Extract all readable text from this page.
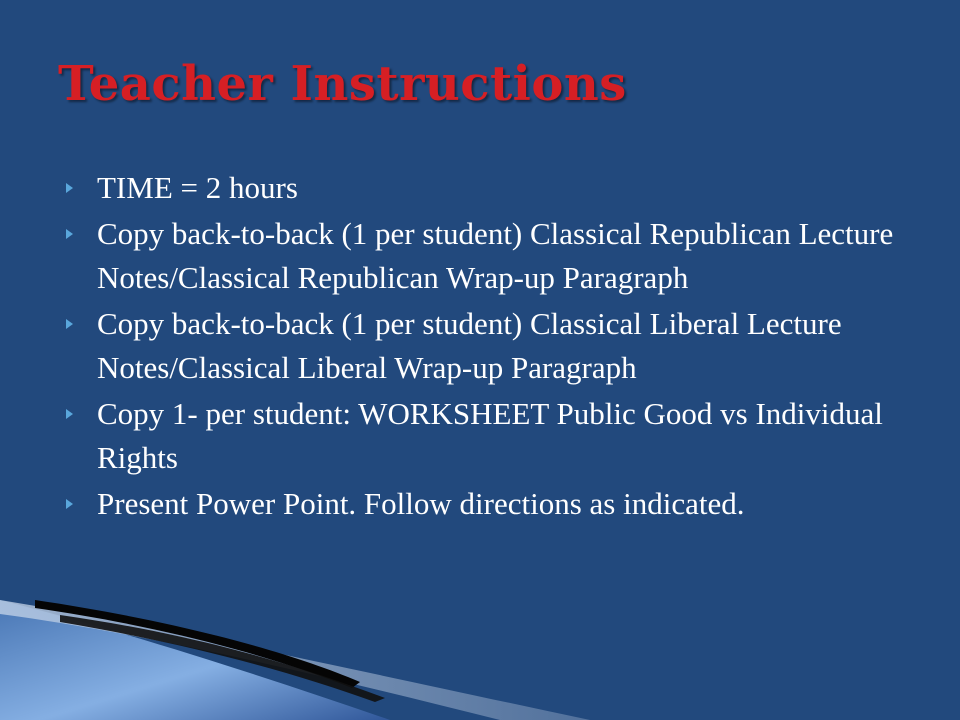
Teacher Instructions
TIME = 2 hours
Copy back-to-back (1 per student) Classical Republican Lecture Notes/Classical Republican Wrap-up Paragraph
Copy back-to-back (1 per student) Classical Liberal Lecture Notes/Classical Liberal Wrap-up Paragraph
Copy 1- per student: WORKSHEET Public Good vs Individual Rights
Present Power Point. Follow directions as indicated.
